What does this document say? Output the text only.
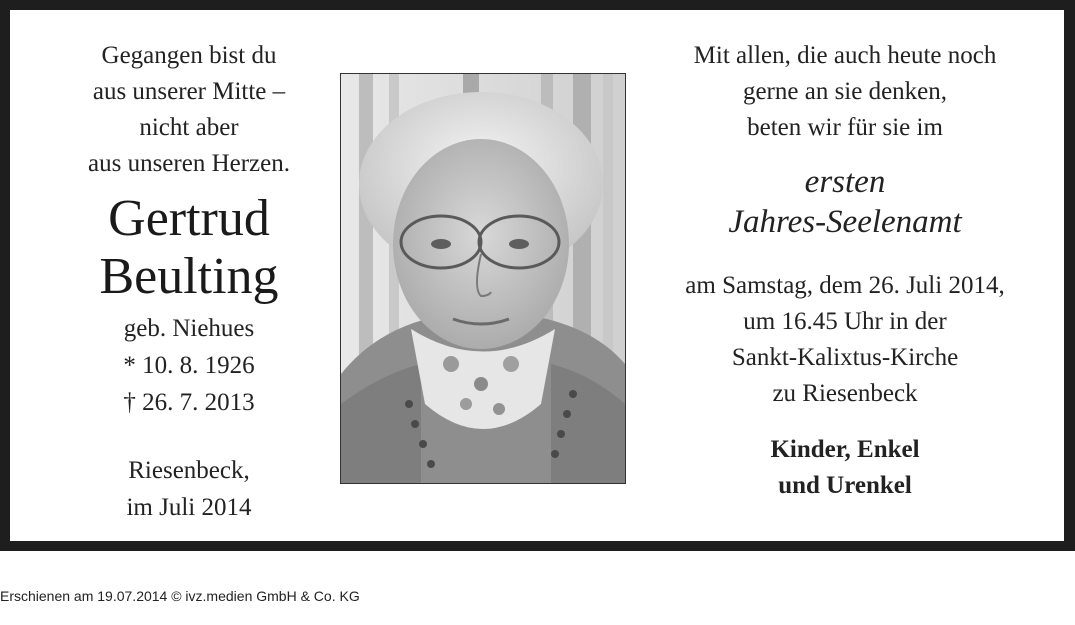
Gegangen bist du
aus unserer Mitte –
nicht aber
aus unseren Herzen.
Gertrud
Beulting
geb. Niehues
* 10. 8. 1926
† 26. 7. 2013
Riesenbeck,
im Juli 2014
Mit allen, die auch heute noch
gerne an sie denken,
beten wir für sie im
ersten
Jahres-Seelenamt
am Samstag, dem 26. Juli 2014,
um 16.45 Uhr in der
Sankt-Kalixtus-Kirche
zu Riesenbeck
Kinder, Enkel
und Urenkel
Erschienen am 19.07.2014 © ivz.medien GmbH & Co. KG
